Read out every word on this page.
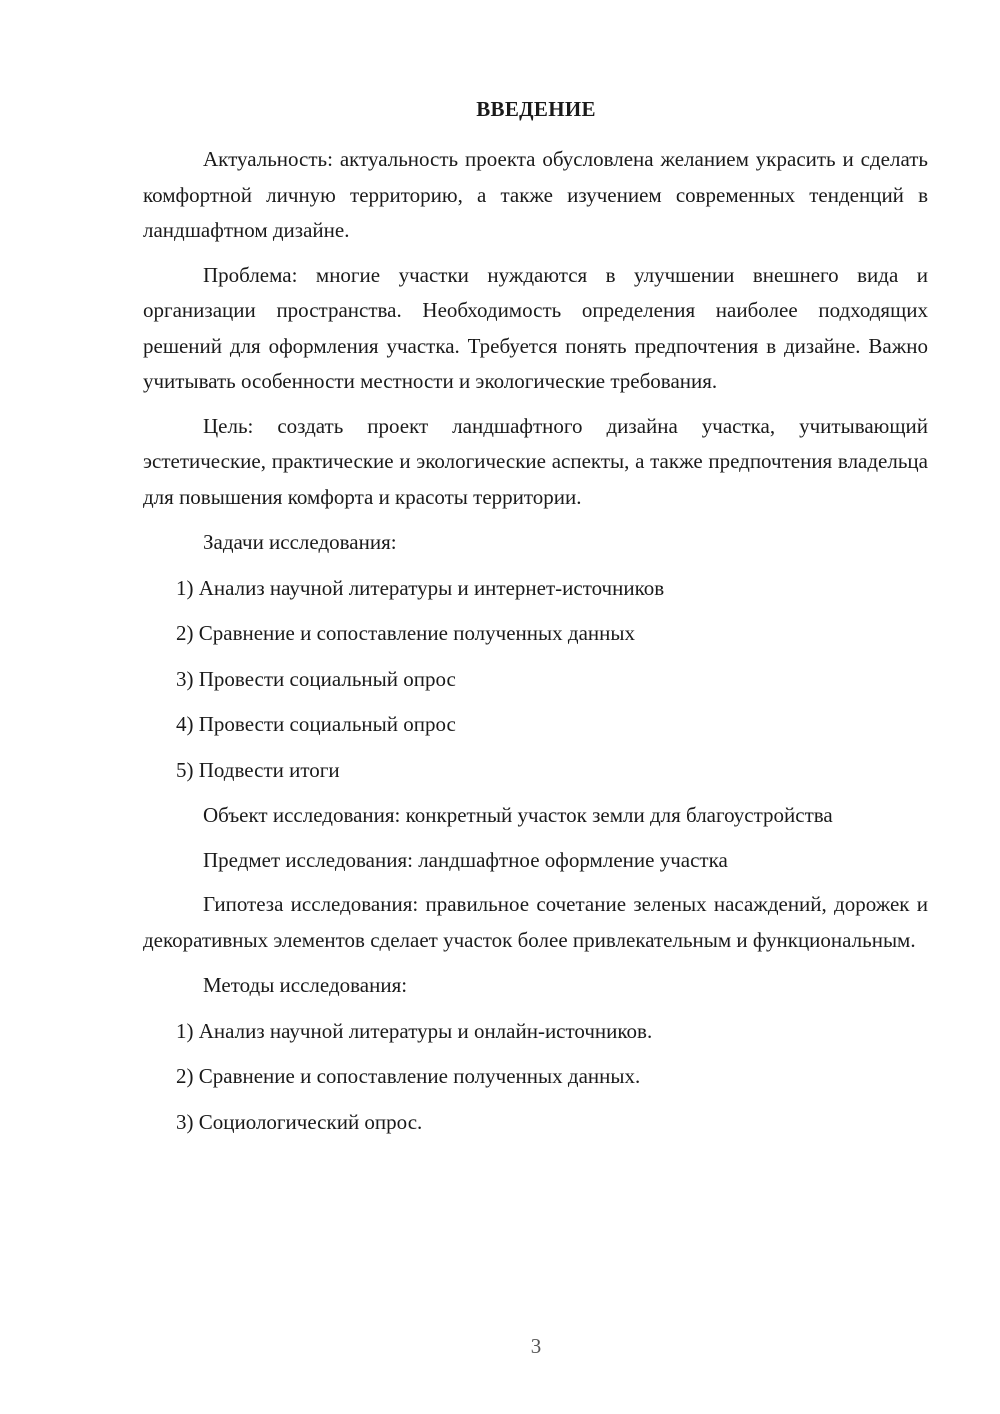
ВВЕДЕНИЕ

Актуальность: актуальность проекта обусловлена желанием украсить и сделать комфортной личную территорию, а также изучением современных тенденций в ландшафтном дизайне.

Проблема: многие участки нуждаются в улучшении внешнего вида и организации пространства. Необходимость определения наиболее подходящих решений для оформления участка. Требуется понять предпочтения в дизайне. Важно учитывать особенности местности и экологические требования.

Цель: создать проект ландшафтного дизайна участка, учитывающий эстетические, практические и экологические аспекты, а также предпочтения владельца для повышения комфорта и красоты территории.

Задачи исследования:

1) Анализ научной литературы и интернет-источников

2) Сравнение и сопоставление полученных данных

3) Провести социальный опрос

4) Провести социальный опрос

5) Подвести итоги

Объект исследования: конкретный участок земли для благоустройства

Предмет исследования: ландшафтное оформление участка

Гипотеза исследования: правильное сочетание зеленых насаждений, дорожек и декоративных элементов сделает участок более привлекательным и функциональным.

Методы исследования:

1) Анализ научной литературы и онлайн-источников.

2) Сравнение и сопоставление полученных данных.

3) Социологический опрос.

3
